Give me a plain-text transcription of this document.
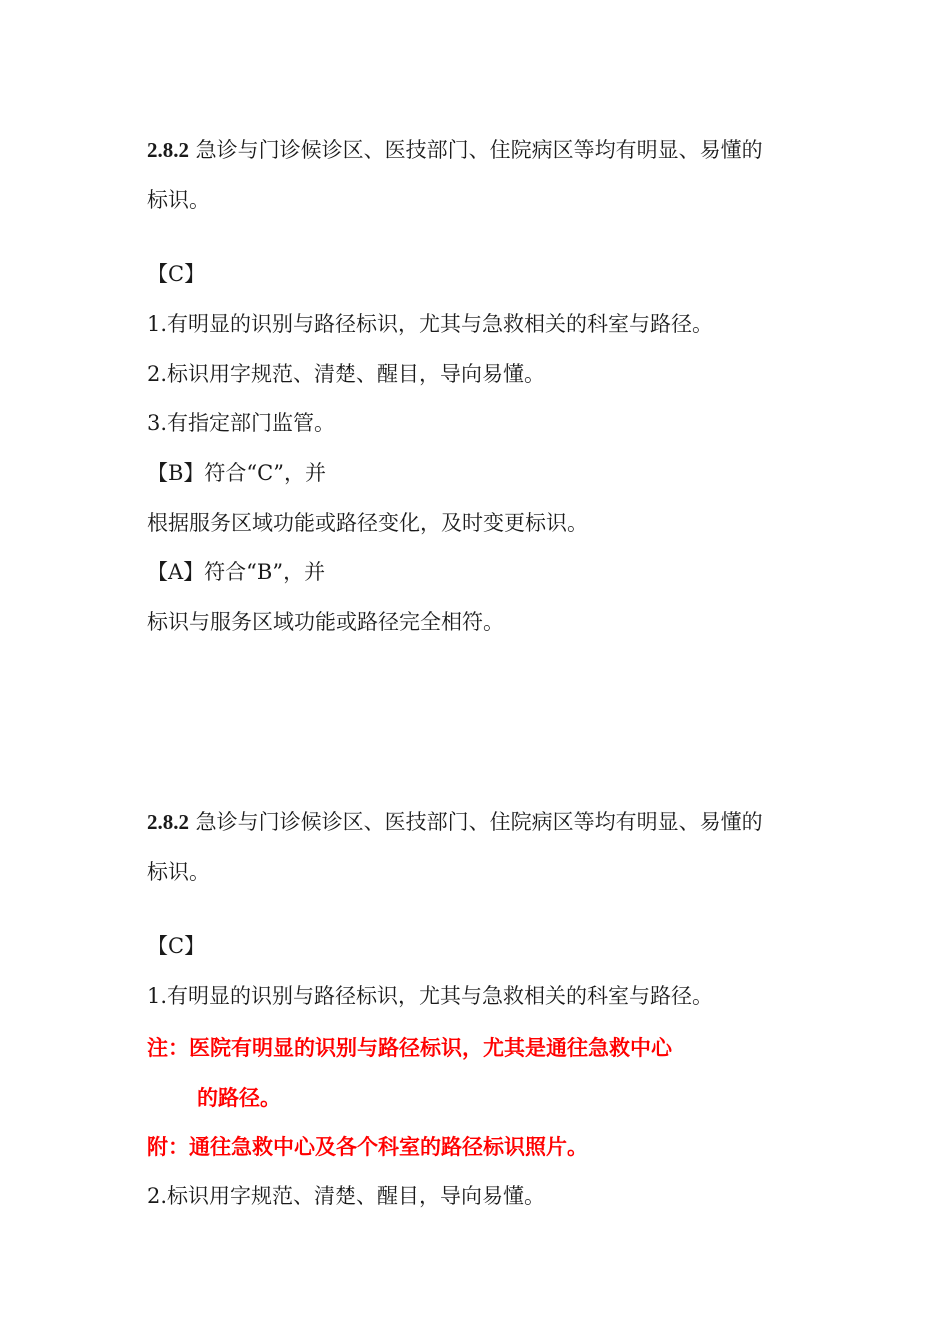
2.8.2 急诊与门诊候诊区、医技部门、住院病区等均有明显、易懂的

标识。

【C】

1.有明显的识别与路径标识，尤其与急救相关的科室与路径。

2.标识用字规范、清楚、醒目，导向易懂。

3.有指定部门监管。

【B】符合“C”，并

根据服务区域功能或路径变化，及时变更标识。

【A】符合“B”，并

标识与服务区域功能或路径完全相符。

2.8.2 急诊与门诊候诊区、医技部门、住院病区等均有明显、易懂的

标识。

【C】

1.有明显的识别与路径标识，尤其与急救相关的科室与路径。

注：医院有明显的识别与路径标识，尤其是通往急救中心

的路径。

附：通往急救中心及各个科室的路径标识照片。

2.标识用字规范、清楚、醒目，导向易懂。
